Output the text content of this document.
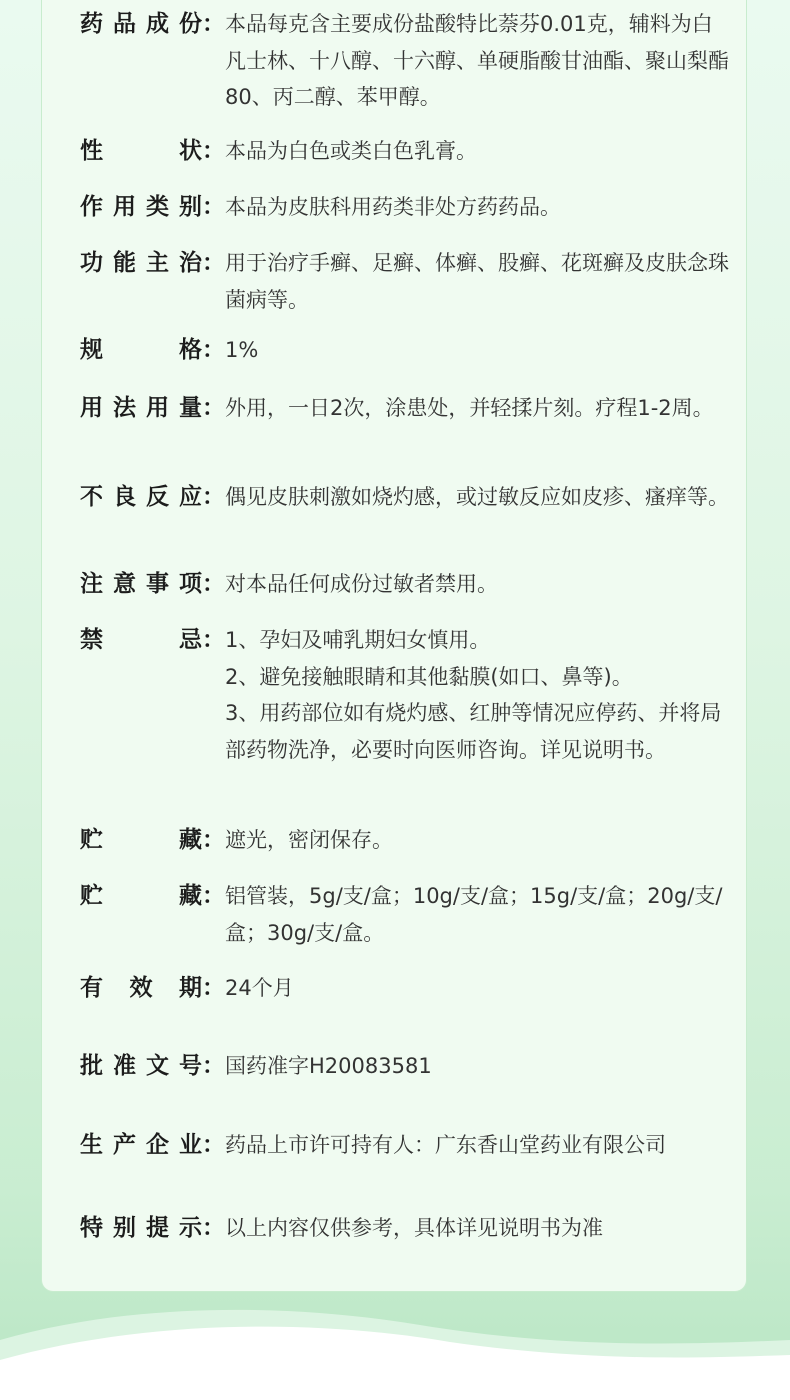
药 品 成 份： 本品每克含主要成份盐酸特比萘芬0.01克，辅料为白凡士林、十八醇、十六醇、单硬脂酸甘油酯、聚山梨酯80、丙二醇、苯甲醇。

性	状： 本品为白色或类白色乳膏。

作 用 类 别： 本品为皮肤科用药类非处方药药品。

功 能 主 治： 用于治疗手癣、足癣、体癣、股癣、花斑癣及皮肤念珠菌病等。

规	格： 1%

用 法 用 量： 外用，一日2次，涂患处，并轻揉片刻。疗程1-2周。

不 良 反 应： 偶见皮肤刺激如烧灼感，或过敏反应如皮疹、瘙痒等。

注 意 事 项： 对本品任何成份过敏者禁用。

禁	忌： 1、孕妇及哺乳期妇女慎用。

2、避免接触眼睛和其他黏膜(如口、鼻等)。

3、用药部位如有烧灼感、红肿等情况应停药、并将局部药物洗净，必要时向医师咨询。详见说明书。

贮	藏： 遮光，密闭保存。

贮	藏： 铝管装，5g/支/盒；10g/支/盒；15g/支/盒；20g/支/盒；30g/支/盒。

有 效 期： 24个月

批 准 文 号： 国药准字H20083581

生 产 企 业： 药品上市许可持有人：广东香山堂药业有限公司

特 别 提 示： 以上内容仅供参考，具体详见说明书为准
